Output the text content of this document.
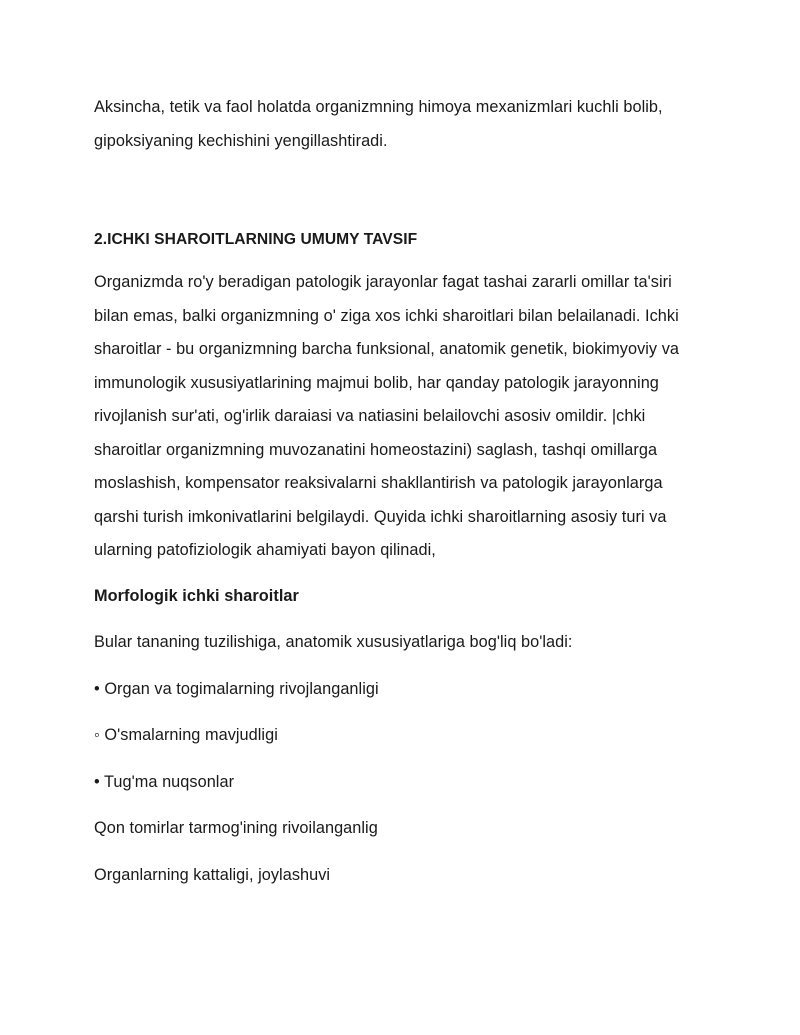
Aksincha, tetik va faol holatda organizmning himoya mexanizmlari kuchli bolib,

gipoksiyaning kechishini yengillashtiradi.

2.ICHKI SHAROITLARNING UMUMY TAVSIF

Organizmda ro'y beradigan patologik jarayonlar fagat tashai zararli omillar ta'siri

bilan emas, balki organizmning o' ziga xos ichki sharoitlari bilan belailanadi. Ichki

sharoitlar - bu organizmning barcha funksional, anatomik genetik, biokimyoviy va

immunologik xususiyatlarining majmui bolib, har qanday patologik jarayonning

rivojlanish sur'ati, og'irlik daraiasi va natiasini belailovchi asosiv omildir. |chki

sharoitlar organizmning muvozanatini homeostazini) saglash, tashqi omillarga

moslashish, kompensator reaksivalarni shakllantirish va patologik jarayonlarga

qarshi turish imkonivatlarini belgilaydi. Quyida ichki sharoitlarning asosiy turi va

ularning patofiziologik ahamiyati bayon qilinadi,

Morfologik ichki sharoitlar

Bular tananing tuzilishiga, anatomik xususiyatlariga bog'liq bo'ladi:

• Organ va togimalarning rivojlanganligi

◦ O'smalarning mavjudligi

• Tug'ma nuqsonlar

Qon tomirlar tarmog'ining rivoilanganlig

Organlarning kattaligi, joylashuvi
